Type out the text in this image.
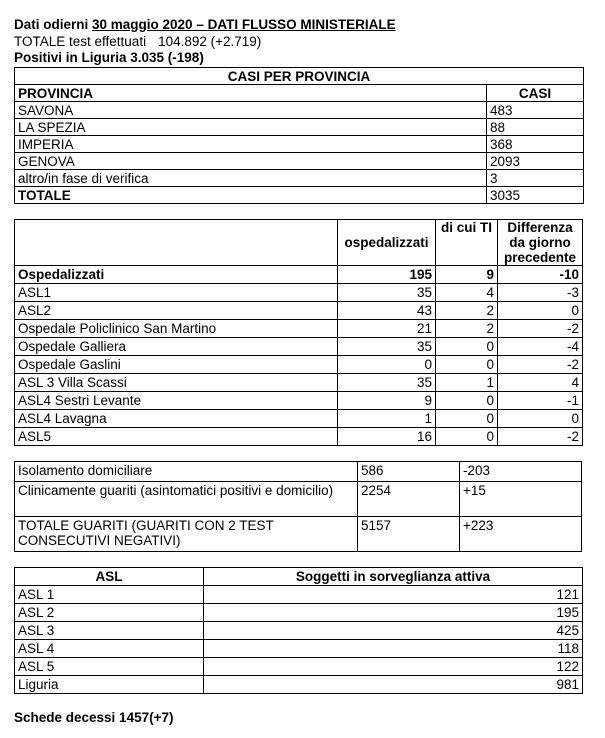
Dati odierni 30 maggio 2020 – DATI FLUSSO MINISTERIALE
TOTALE test effettuati 104.892 (+2.719)
Positivi in Liguria 3.035 (-198)
CASI PER PROVINCIA	
PROVINCIA	CASI
SAVONA	483
LA SPEZIA	88
IMPERIA	368
GENOVA	2093
altro/in fase di verifica	3
TOTALE	3035
	ospedalizzati	di cui TI	Differenza da giorno precedente
Ospedalizzati	195	9	-10
ASL1	35	4	-3
ASL2	43	2	0
Ospedale Policlinico San Martino	21	2	-2
Ospedale Galliera	35	0	-4
Ospedale Gaslini	0	0	-2
ASL 3 Villa Scassi	35	1	4
ASL4 Sestri Levante	9	0	-1
ASL4 Lavagna	1	0	0
ASL5	16	0	-2
Isolamento domiciliare	586	-203
Clinicamente guariti (asintomatici positivi e domicilio)	2254	+15
TOTALE GUARITI (GUARITI CON 2 TEST CONSECUTIVI NEGATIVI)	5157	+223
ASL	Soggetti in sorveglianza attiva
ASL 1	121
ASL 2	195
ASL 3	425
ASL 4	118
ASL 5	122
Liguria	981
Schede decessi 1457(+7)
